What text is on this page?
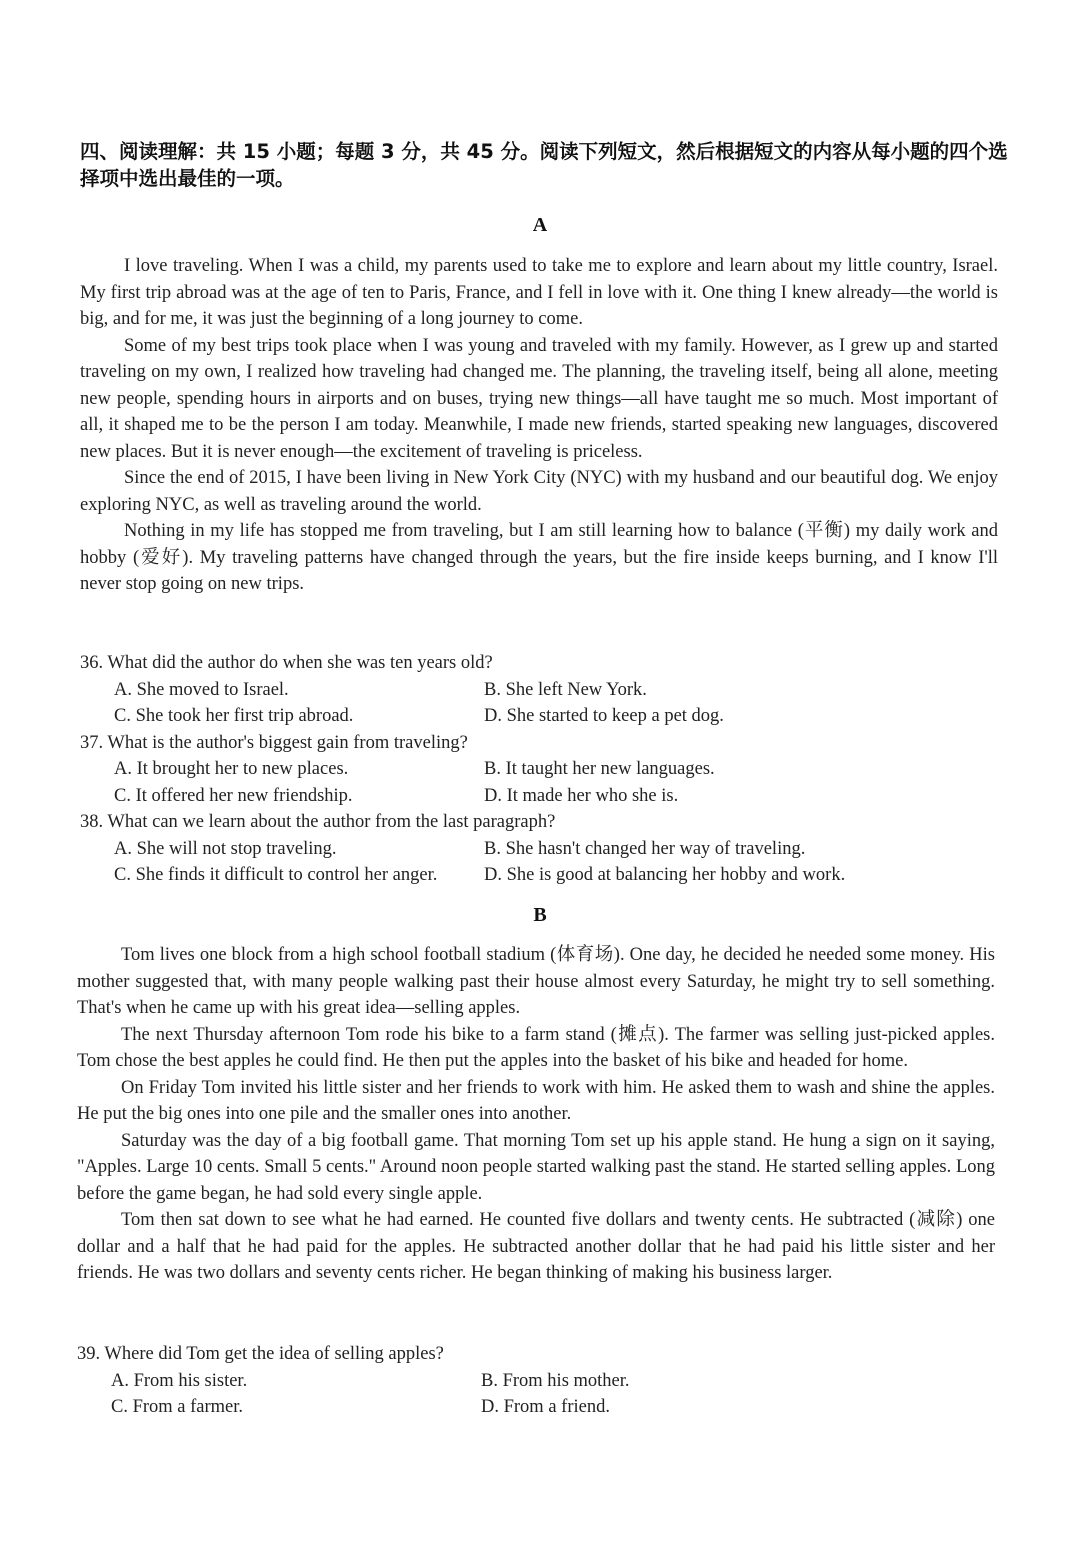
四、阅读理解：共 15 小题；每题 3 分，共 45 分。阅读下列短文，然后根据短文的内容从每小题的四个选择项中选出最佳的一项。
A

I love traveling. When I was a child, my parents used to take me to explore and learn about my little country, Israel. My first trip abroad was at the age of ten to Paris, France, and I fell in love with it. One thing I knew already—the world is big, and for me, it was just the beginning of a long journey to come.

Some of my best trips took place when I was young and traveled with my family. However, as I grew up and started traveling on my own, I realized how traveling had changed me. The planning, the traveling itself, being all alone, meeting new people, spending hours in airports and on buses, trying new things—all have taught me so much. Most important of all, it shaped me to be the person I am today. Meanwhile, I made new friends, started speaking new languages, discovered new places. But it is never enough—the excitement of traveling is priceless.

Since the end of 2015, I have been living in New York City (NYC) with my husband and our beautiful dog. We enjoy exploring NYC, as well as traveling around the world.

Nothing in my life has stopped me from traveling, but I am still learning how to balance (平衡) my daily work and hobby (爱好). My traveling patterns have changed through the years, but the fire inside keeps burning, and I know I'll never stop going on new trips.

36. What did the author do when she was ten years old?

A. She moved to Israel.	B. She left New York.
C. She took her first trip abroad.	D. She started to keep a pet dog.

37. What is the author's biggest gain from traveling?

A. It brought her to new places.	B. It taught her new languages.
C. It offered her new friendship.	D. It made her who she is.

38. What can we learn about the author from the last paragraph?

A. She will not stop traveling.	B. She hasn't changed her way of traveling.
C. She finds it difficult to control her anger.	D. She is good at balancing her hobby and work.
B

Tom lives one block from a high school football stadium (体育场). One day, he decided he needed some money. His mother suggested that, with many people walking past their house almost every Saturday, he might try to sell something. That's when he came up with his great idea—selling apples.

The next Thursday afternoon Tom rode his bike to a farm stand (摊点). The farmer was selling just-picked apples. Tom chose the best apples he could find. He then put the apples into the basket of his bike and headed for home.

On Friday Tom invited his little sister and her friends to work with him. He asked them to wash and shine the apples. He put the big ones into one pile and the smaller ones into another.

Saturday was the day of a big football game. That morning Tom set up his apple stand. He hung a sign on it saying, "Apples. Large 10 cents. Small 5 cents." Around noon people started walking past the stand. He started selling apples. Long before the game began, he had sold every single apple.

Tom then sat down to see what he had earned. He counted five dollars and twenty cents. He subtracted (减除) one dollar and a half that he had paid for the apples. He subtracted another dollar that he had paid his little sister and her friends. He was two dollars and seventy cents richer. He began thinking of making his business larger.

39. Where did Tom get the idea of selling apples?

A. From his sister.	B. From his mother.
C. From a farmer.	D. From a friend.
